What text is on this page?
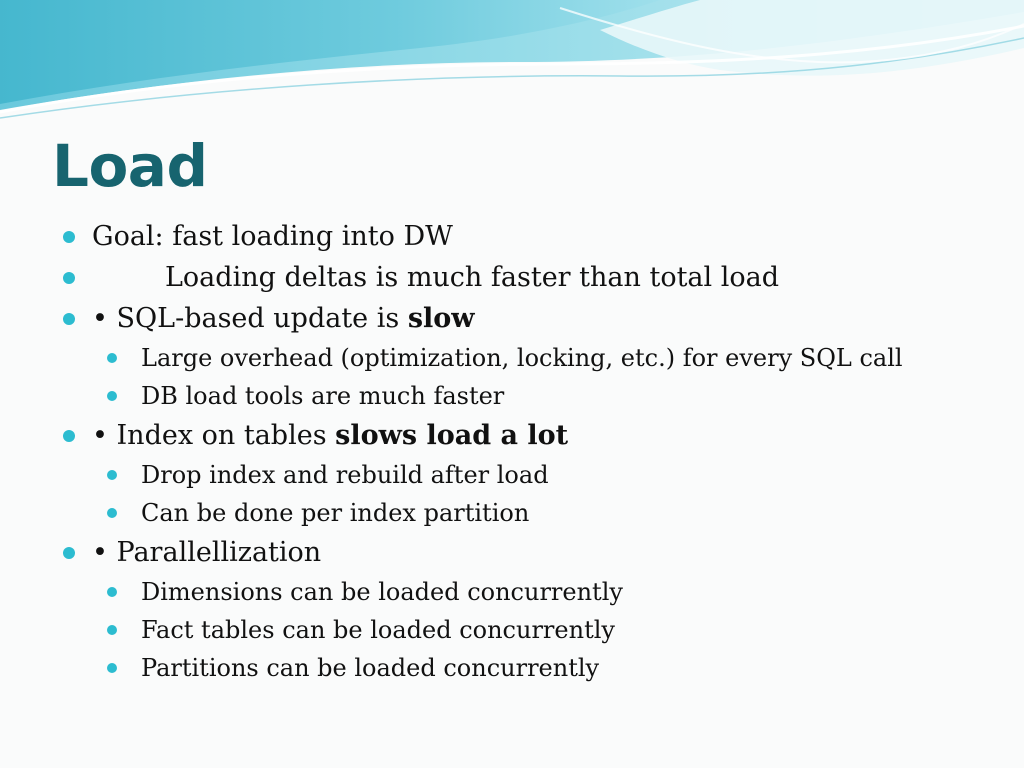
Load
Goal: fast loading into DW
Loading deltas is much faster than total load
• SQL-based update is slow
Large overhead (optimization, locking, etc.) for every SQL call
DB load tools are much faster
• Index on tables slows load a lot
Drop index and rebuild after load
Can be done per index partition
• Parallellization
Dimensions can be loaded concurrently
Fact tables can be loaded concurrently
Partitions can be loaded concurrently
